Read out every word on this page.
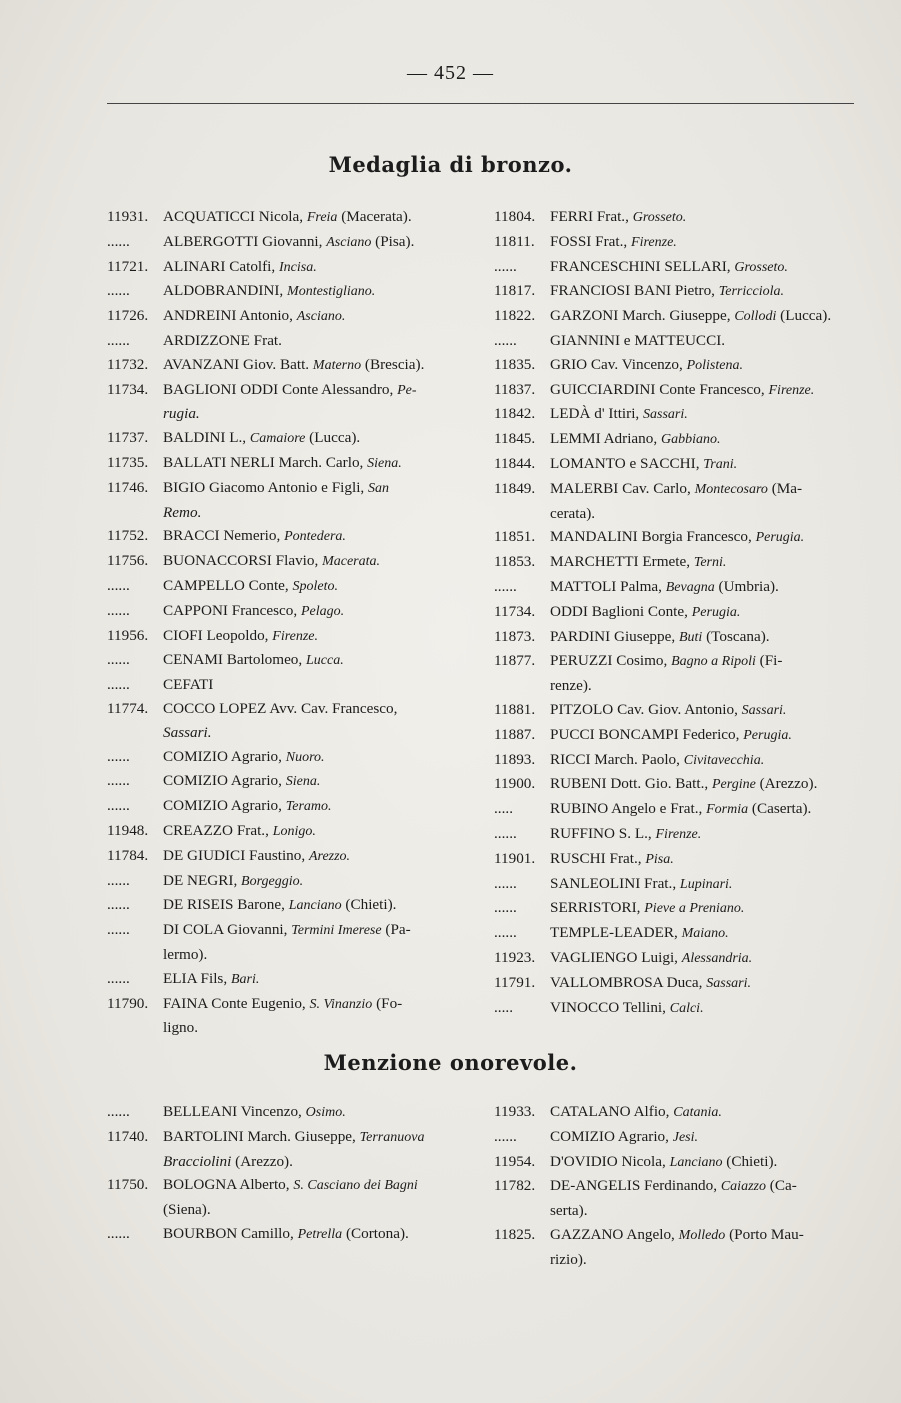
— 452 —
Medaglia di bronzo.
11931. ACQUATICCI Nicola, Freia (Macerata).
......	ALBERGOTTI Giovanni, Asciano (Pisa).
11721. ALINARI Catolfi, Incisa.
......	ALDOBRANDINI, Montestigliano.
11726. ANDREINI Antonio, Asciano.
......	ARDIZZONE Frat.
11732. AVANZANI Giov. Batt. Materno (Brescia).
11734. BAGLIONI ODDI Conte Alessandro, Pe-
rugia.
11737. BALDINI L., Camaiore (Lucca).
11735. BALLATI NERLI March. Carlo, Siena.
11746. BIGIO Giacomo Antonio e Figli, San
Remo.
11752. BRACCI Nemerio, Pontedera.
11756. BUONACCORSI Flavio, Macerata.
......	CAMPELLO Conte, Spoleto.
......	CAPPONI Francesco, Pelago.
11956. CIOFI Leopoldo, Firenze.
......	CENAMI Bartolomeo, Lucca.
......	CEFATI
11774. COCCO LOPEZ Avv. Cav. Francesco,
Sassari.
......	COMIZIO Agrario, Nuoro.
......	COMIZIO Agrario, Siena.
......	COMIZIO Agrario, Teramo.
11948. CREAZZO Frat., Lonigo.
11784. DE GIUDICI Faustino, Arezzo.
......	DE NEGRI, Borgeggio.
......	DE RISEIS Barone, Lanciano (Chieti).
......	DI COLA Giovanni, Termini Imerese (Pa-
lermo).
......	ELIA Fils, Bari.
11790. FAINA Conte Eugenio, S. Vinanzio (Fo-
ligno.
11804. FERRI Frat., Grosseto.
11811.	FOSSI Frat., Firenze.
......	FRANCESCHINI SELLARI, Grosseto.
11817. FRANCIOSI BANI Pietro, Terricciola.
11822. GARZONI March. Giuseppe, Collodi (Lucca).
......	GIANNINI e MATTEUCCI.
11835. GRIO Cav. Vincenzo, Polistena.
11837. GUICCIARDINI Conte Francesco, Firenze.
11842. LEDÀ d' Ittiri, Sassari.
11845. LEMMI Adriano, Gabbiano.
11844. LOMANTO e SACCHI, Trani.
11849. MALERBI Cav. Carlo, Montecosaro (Ma-
cerata).
11851. MANDALINI Borgia Francesco, Perugia.
11853. MARCHETTI Ermete, Terni.
......	MATTOLI Palma, Bevagna (Umbria).
11734. ODDI Baglioni Conte, Perugia.
11873. PARDINI Giuseppe, Buti (Toscana).
11877. PERUZZI Cosimo, Bagno a Ripoli (Fi-
renze).
11881. PITZOLO Cav. Giov. Antonio, Sassari.
11887. PUCCI BONCAMPI Federico, Perugia.
11893. RICCI March. Paolo, Civitavecchia.
11900. RUBENI Dott. Gio. Batt., Pergine (Arezzo).
.....	RUBINO Angelo e Frat., Formia (Caserta).
......	RUFFINO S. L., Firenze.
11901. RUSCHI Frat., Pisa.
......	SANLEOLINI Frat., Lupinari.
......	SERRISTORI, Pieve a Preniano.
......	TEMPLE-LEADER, Maiano.
11923. VAGLIENGO Luigi, Alessandria.
11791. VALLOMBROSA Duca, Sassari.
.....	VINOCCO Tellini, Calci.
Menzione onorevole.
......	BELLEANI Vincenzo, Osimo.
11740. BARTOLINI March. Giuseppe, Terranuova
Bracciolini (Arezzo).
11750. BOLOGNA Alberto, S. Casciano dei Bagni
(Siena).
......	BOURBON Camillo, Petrella (Cortona).
11933. CATALANO Alfio, Catania.
......	COMIZIO Agrario, Jesi.
11954. D'OVIDIO Nicola, Lanciano (Chieti).
11782. DE-ANGELIS Ferdinando, Caiazzo (Ca-
serta).
11825. GAZZANO Angelo, Molledo (Porto Mau-
rizio).
